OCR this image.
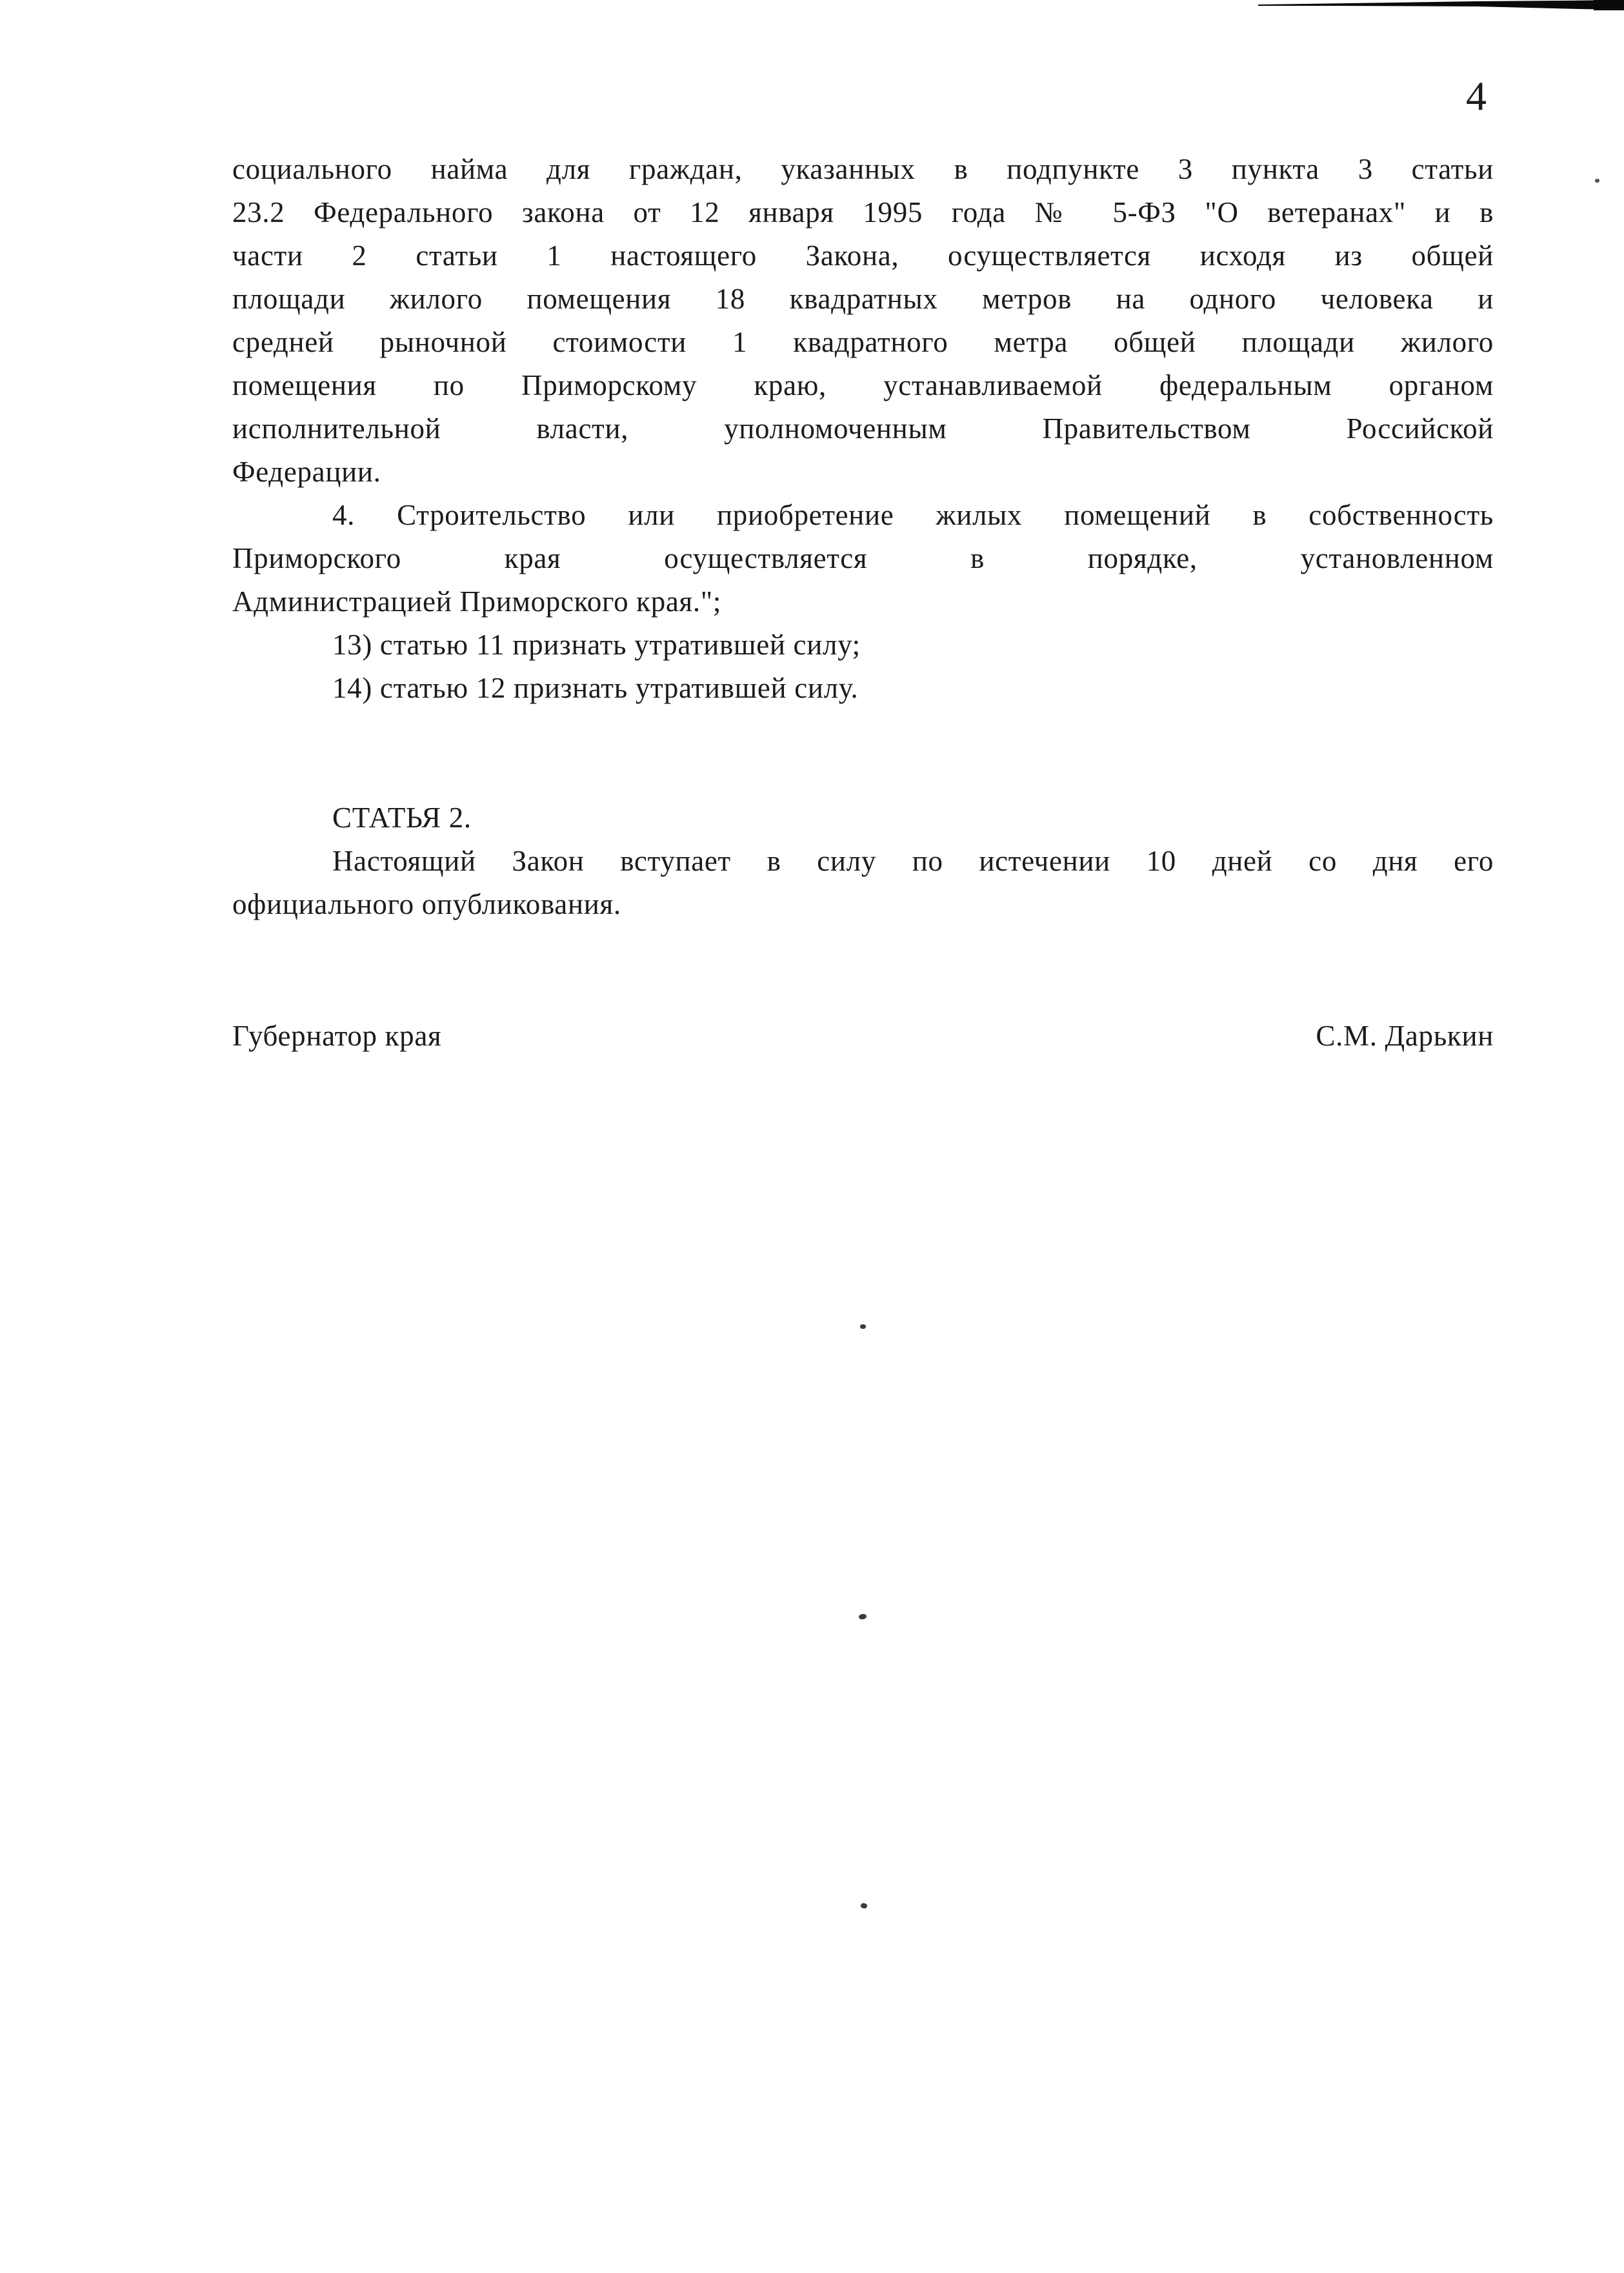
4
социального найма для граждан, указанных в подпункте 3 пункта 3 статьи
23.2 Федерального закона от 12 января 1995 года № 5-ФЗ "О ветеранах" и в
части 2 статьи 1 настоящего Закона, осуществляется исходя из общей
площади жилого помещения 18 квадратных метров на одного человека и
средней рыночной стоимости 1 квадратного метра общей площади жилого
помещения по Приморскому краю, устанавливаемой федеральным органом
исполнительной власти, уполномоченным Правительством Российской
Федерации.
4. Строительство или приобретение жилых помещений в собственность
Приморского края осуществляется в порядке, установленном
Администрацией Приморского края.";
13) статью 11 признать утратившей силу;
14) статью 12 признать утратившей силу.
СТАТЬЯ 2.
Настоящий Закон вступает в силу по истечении 10 дней со дня его
официального опубликования.
Губернатор края	С.М. Дарькин
